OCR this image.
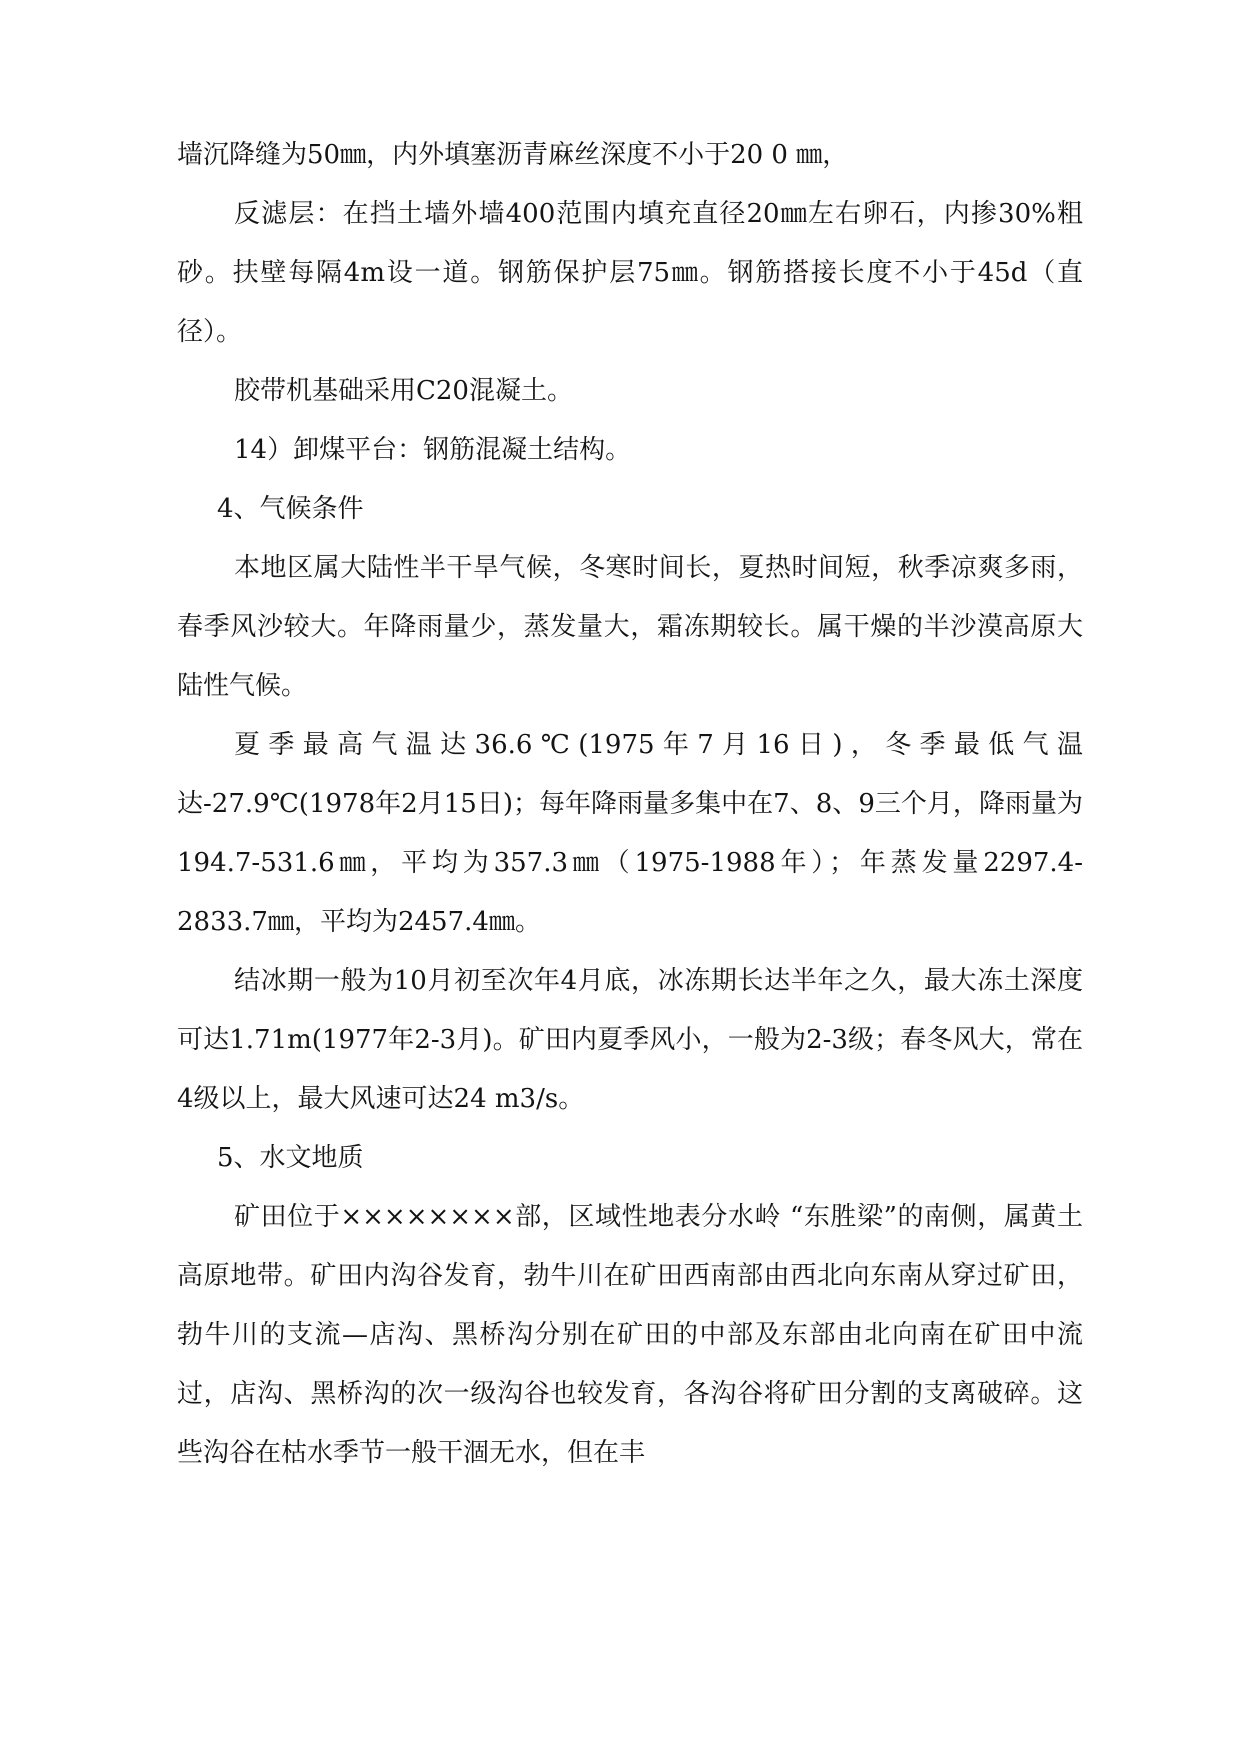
墙沉降缝为50㎜，内外填塞沥青麻丝深度不小于20 0 ㎜，

反滤层：在挡土墙外墙400范围内填充直径20㎜左右卵石，内掺30%粗砂。扶壁每隔4m设一道。钢筋保护层75㎜。钢筋搭接长度不小于45d（直径）。

胶带机基础采用C20混凝土。

14）卸煤平台：钢筋混凝土结构。

4、气候条件

本地区属大陆性半干旱气候，冬寒时间长，夏热时间短，秋季凉爽多雨，春季风沙较大。年降雨量少，蒸发量大，霜冻期较长。属干燥的半沙漠高原大陆性气候。

夏季最高气温达36.6℃(1975年7月16日)，冬季最低气温达-27.9℃(1978年2月15日)；每年降雨量多集中在7、8、9三个月，降雨量为194.7-531.6㎜，平均为357.3㎜（1975-1988年）；年蒸发量2297.4-2833.7㎜，平均为2457.4㎜。

结冰期一般为10月初至次年4月底，冰冻期长达半年之久，最大冻土深度可达1.71m(1977年2-3月)。矿田内夏季风小，一般为2-3级；春冬风大，常在4级以上，最大风速可达24 m3/s。

5、水文地质

矿田位于××××××××部，区域性地表分水岭 “东胜梁”的南侧，属黄土高原地带。矿田内沟谷发育，勃牛川在矿田西南部由西北向东南从穿过矿田，勃牛川的支流—店沟、黑桥沟分别在矿田的中部及东部由北向南在矿田中流过，店沟、黑桥沟的次一级沟谷也较发育，各沟谷将矿田分割的支离破碎。这些沟谷在枯水季节一般干涸无水，但在丰
